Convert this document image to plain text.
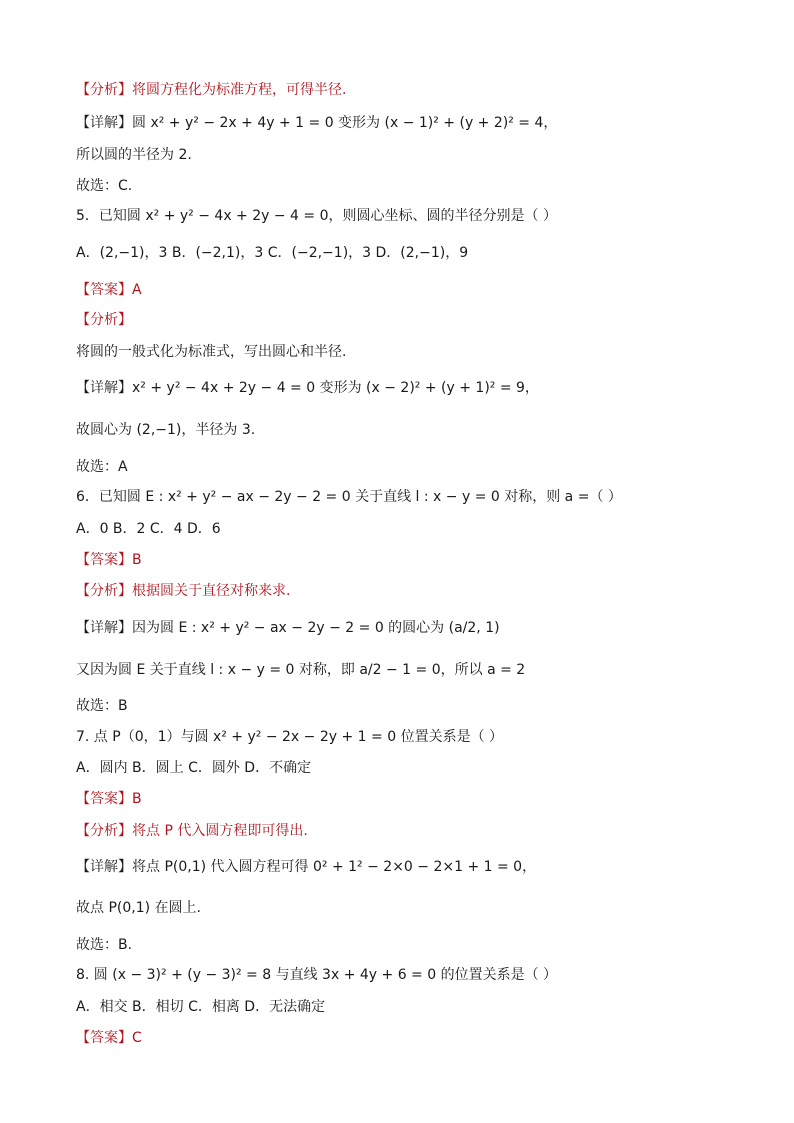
【分析】将圆方程化为标准方程，可得半径.
【详解】圆 x² + y² − 2x + 4y + 1 = 0 变形为 (x − 1)² + (y + 2)² = 4，
所以圆的半径为 2.
故选：C.
5．已知圆 x² + y² − 4x + 2y − 4 = 0，则圆心坐标、圆的半径分别是（ ）
A．(2,−1)，3 B．(−2,1)，3 C．(−2,−1)，3 D．(2,−1)，9
【答案】A
【分析】
将圆的一般式化为标准式，写出圆心和半径.
【详解】x² + y² − 4x + 2y − 4 = 0 变形为 (x − 2)² + (y + 1)² = 9，
故圆心为 (2,−1)，半径为 3.
故选：A
6．已知圆 E : x² + y² − ax − 2y − 2 = 0 关于直线 l : x − y = 0 对称，则 a =（ ）
A．0 B．2 C．4 D．6
【答案】B
【分析】根据圆关于直径对称来求.
【详解】因为圆 E : x² + y² − ax − 2y − 2 = 0 的圆心为 (a/2, 1)
又因为圆 E 关于直线 l : x − y = 0 对称，即 a/2 − 1 = 0，所以 a = 2
故选：B
7. 点 P（0，1）与圆 x² + y² − 2x − 2y + 1 = 0 位置关系是（ ）
A．圆内 B．圆上 C．圆外 D．不确定
【答案】B
【分析】将点 P 代入圆方程即可得出.
【详解】将点 P(0,1) 代入圆方程可得 0² + 1² − 2×0 − 2×1 + 1 = 0，
故点 P(0,1) 在圆上.
故选：B.
8. 圆 (x − 3)² + (y − 3)² = 8 与直线 3x + 4y + 6 = 0 的位置关系是（ ）
A．相交 B．相切 C．相离 D．无法确定
【答案】C
